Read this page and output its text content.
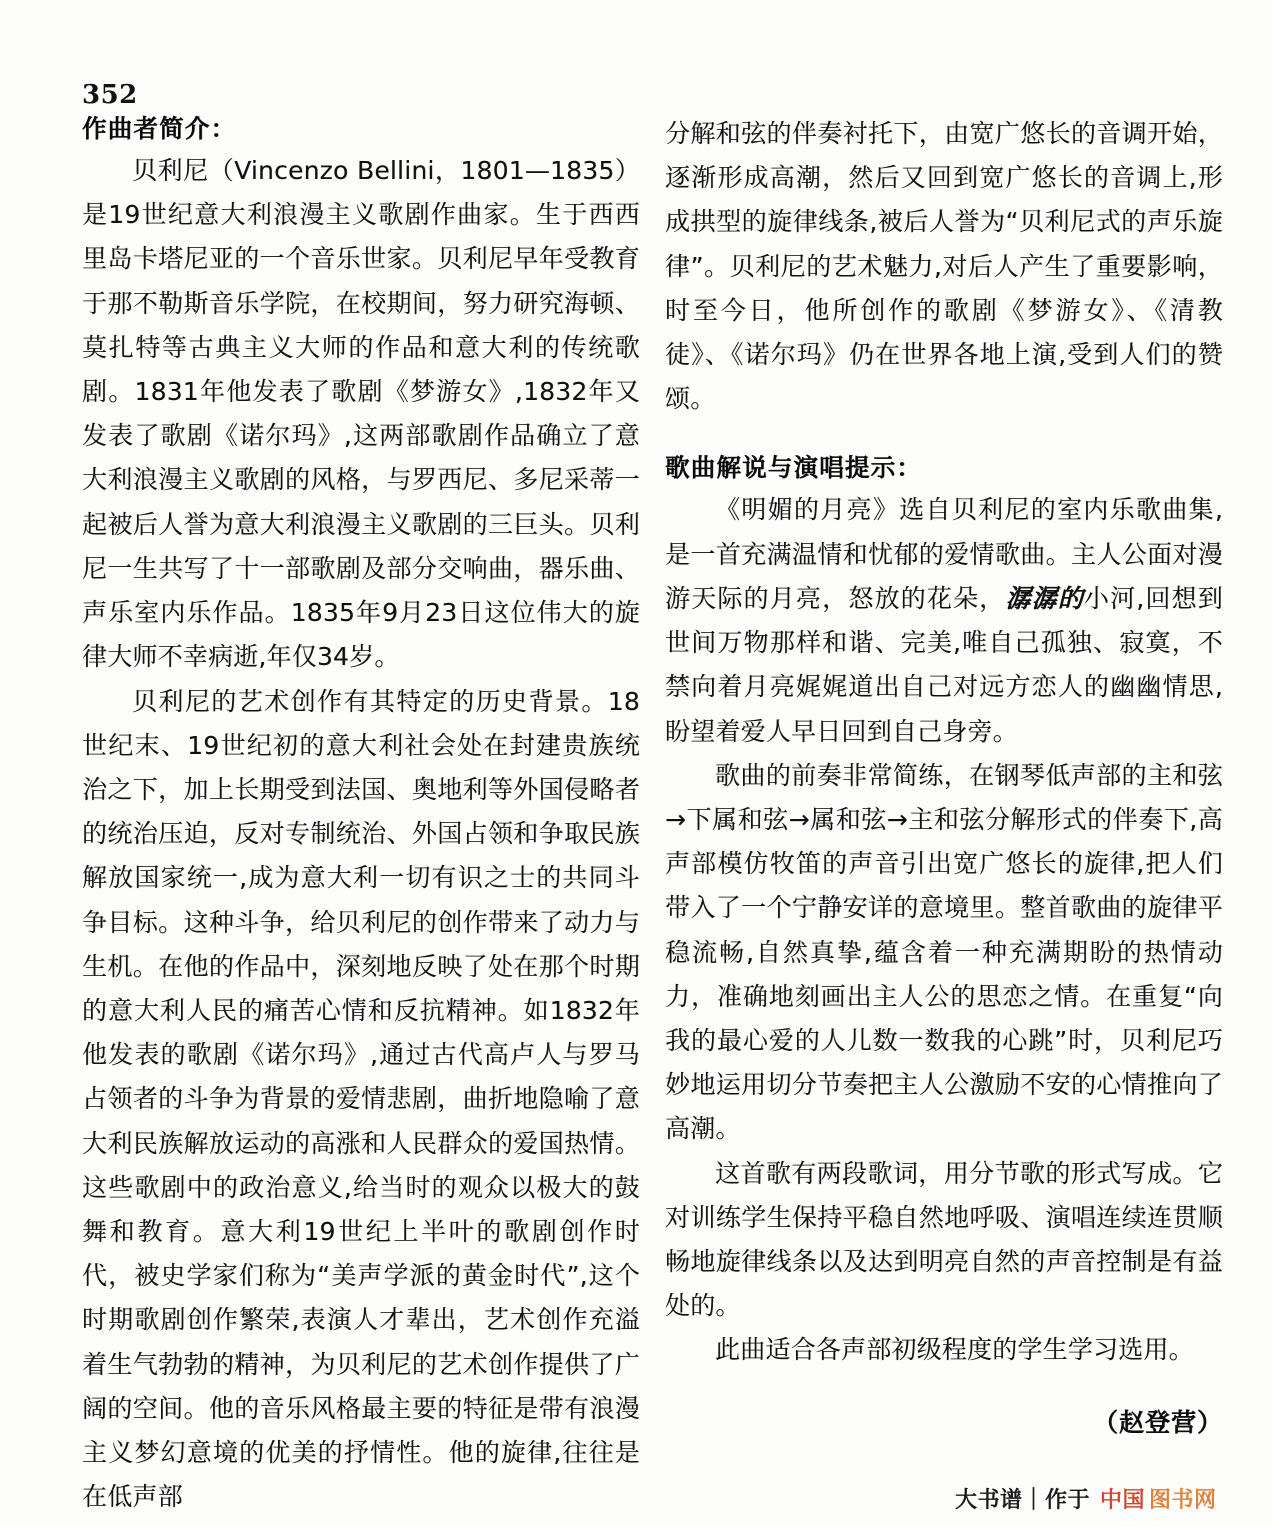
352
作曲者简介：

贝利尼（Vincenzo Bellini，1801—1835）是19世纪意大利浪漫主义歌剧作曲家。生于西西里岛卡塔尼亚的一个音乐世家。贝利尼早年受教育于那不勒斯音乐学院，在校期间，努力研究海顿、莫扎特等古典主义大师的作品和意大利的传统歌剧。1831年他发表了歌剧《梦游女》,1832年又发表了歌剧《诺尔玛》,这两部歌剧作品确立了意大利浪漫主义歌剧的风格，与罗西尼、多尼采蒂一起被后人誉为意大利浪漫主义歌剧的三巨头。贝利尼一生共写了十一部歌剧及部分交响曲，器乐曲、声乐室内乐作品。1835年9月23日这位伟大的旋律大师不幸病逝,年仅34岁。

贝利尼的艺术创作有其特定的历史背景。18世纪末、19世纪初的意大利社会处在封建贵族统治之下，加上长期受到法国、奥地利等外国侵略者的统治压迫，反对专制统治、外国占领和争取民族解放国家统一,成为意大利一切有识之士的共同斗争目标。这种斗争，给贝利尼的创作带来了动力与生机。在他的作品中，深刻地反映了处在那个时期的意大利人民的痛苦心情和反抗精神。如1832年他发表的歌剧《诺尔玛》,通过古代高卢人与罗马占领者的斗争为背景的爱情悲剧，曲折地隐喻了意大利民族解放运动的高涨和人民群众的爱国热情。这些歌剧中的政治意义,给当时的观众以极大的鼓舞和教育。意大利19世纪上半叶的歌剧创作时代，被史学家们称为“美声学派的黄金时代”,这个时期歌剧创作繁荣,表演人才辈出，艺术创作充溢着生气勃勃的精神，为贝利尼的艺术创作提供了广阔的空间。他的音乐风格最主要的特征是带有浪漫主义梦幻意境的优美的抒情性。他的旋律,往往是在低声部

分解和弦的伴奏衬托下，由宽广悠长的音调开始，逐渐形成高潮，然后又回到宽广悠长的音调上,形成拱型的旋律线条,被后人誉为“贝利尼式的声乐旋律”。贝利尼的艺术魅力,对后人产生了重要影响，时至今日，他所创作的歌剧《梦游女》、《清教徒》、《诺尔玛》仍在世界各地上演,受到人们的赞颂。

歌曲解说与演唱提示：

《明媚的月亮》选自贝利尼的室内乐歌曲集,是一首充满温情和忧郁的爱情歌曲。主人公面对漫游天际的月亮，怒放的花朵，潺潺的小河,回想到世间万物那样和谐、完美,唯自己孤独、寂寞，不禁向着月亮娓娓道出自己对远方恋人的幽幽情思,盼望着爱人早日回到自己身旁。

歌曲的前奏非常简练，在钢琴低声部的主和弦→下属和弦→属和弦→主和弦分解形式的伴奏下,高声部模仿牧笛的声音引出宽广悠长的旋律,把人们带入了一个宁静安详的意境里。整首歌曲的旋律平稳流畅,自然真挚,蕴含着一种充满期盼的热情动力，准确地刻画出主人公的思恋之情。在重复“向我的最心爱的人儿数一数我的心跳”时，贝利尼巧妙地运用切分节奏把主人公激励不安的心情推向了高潮。

这首歌有两段歌词，用分节歌的形式写成。它对训练学生保持平稳自然地呼吸、演唱连续连贯顺畅地旋律线条以及达到明亮自然的声音控制是有益处的。

此曲适合各声部初级程度的学生学习选用。

（赵登营）
大书谱｜作于 中国 图书网
